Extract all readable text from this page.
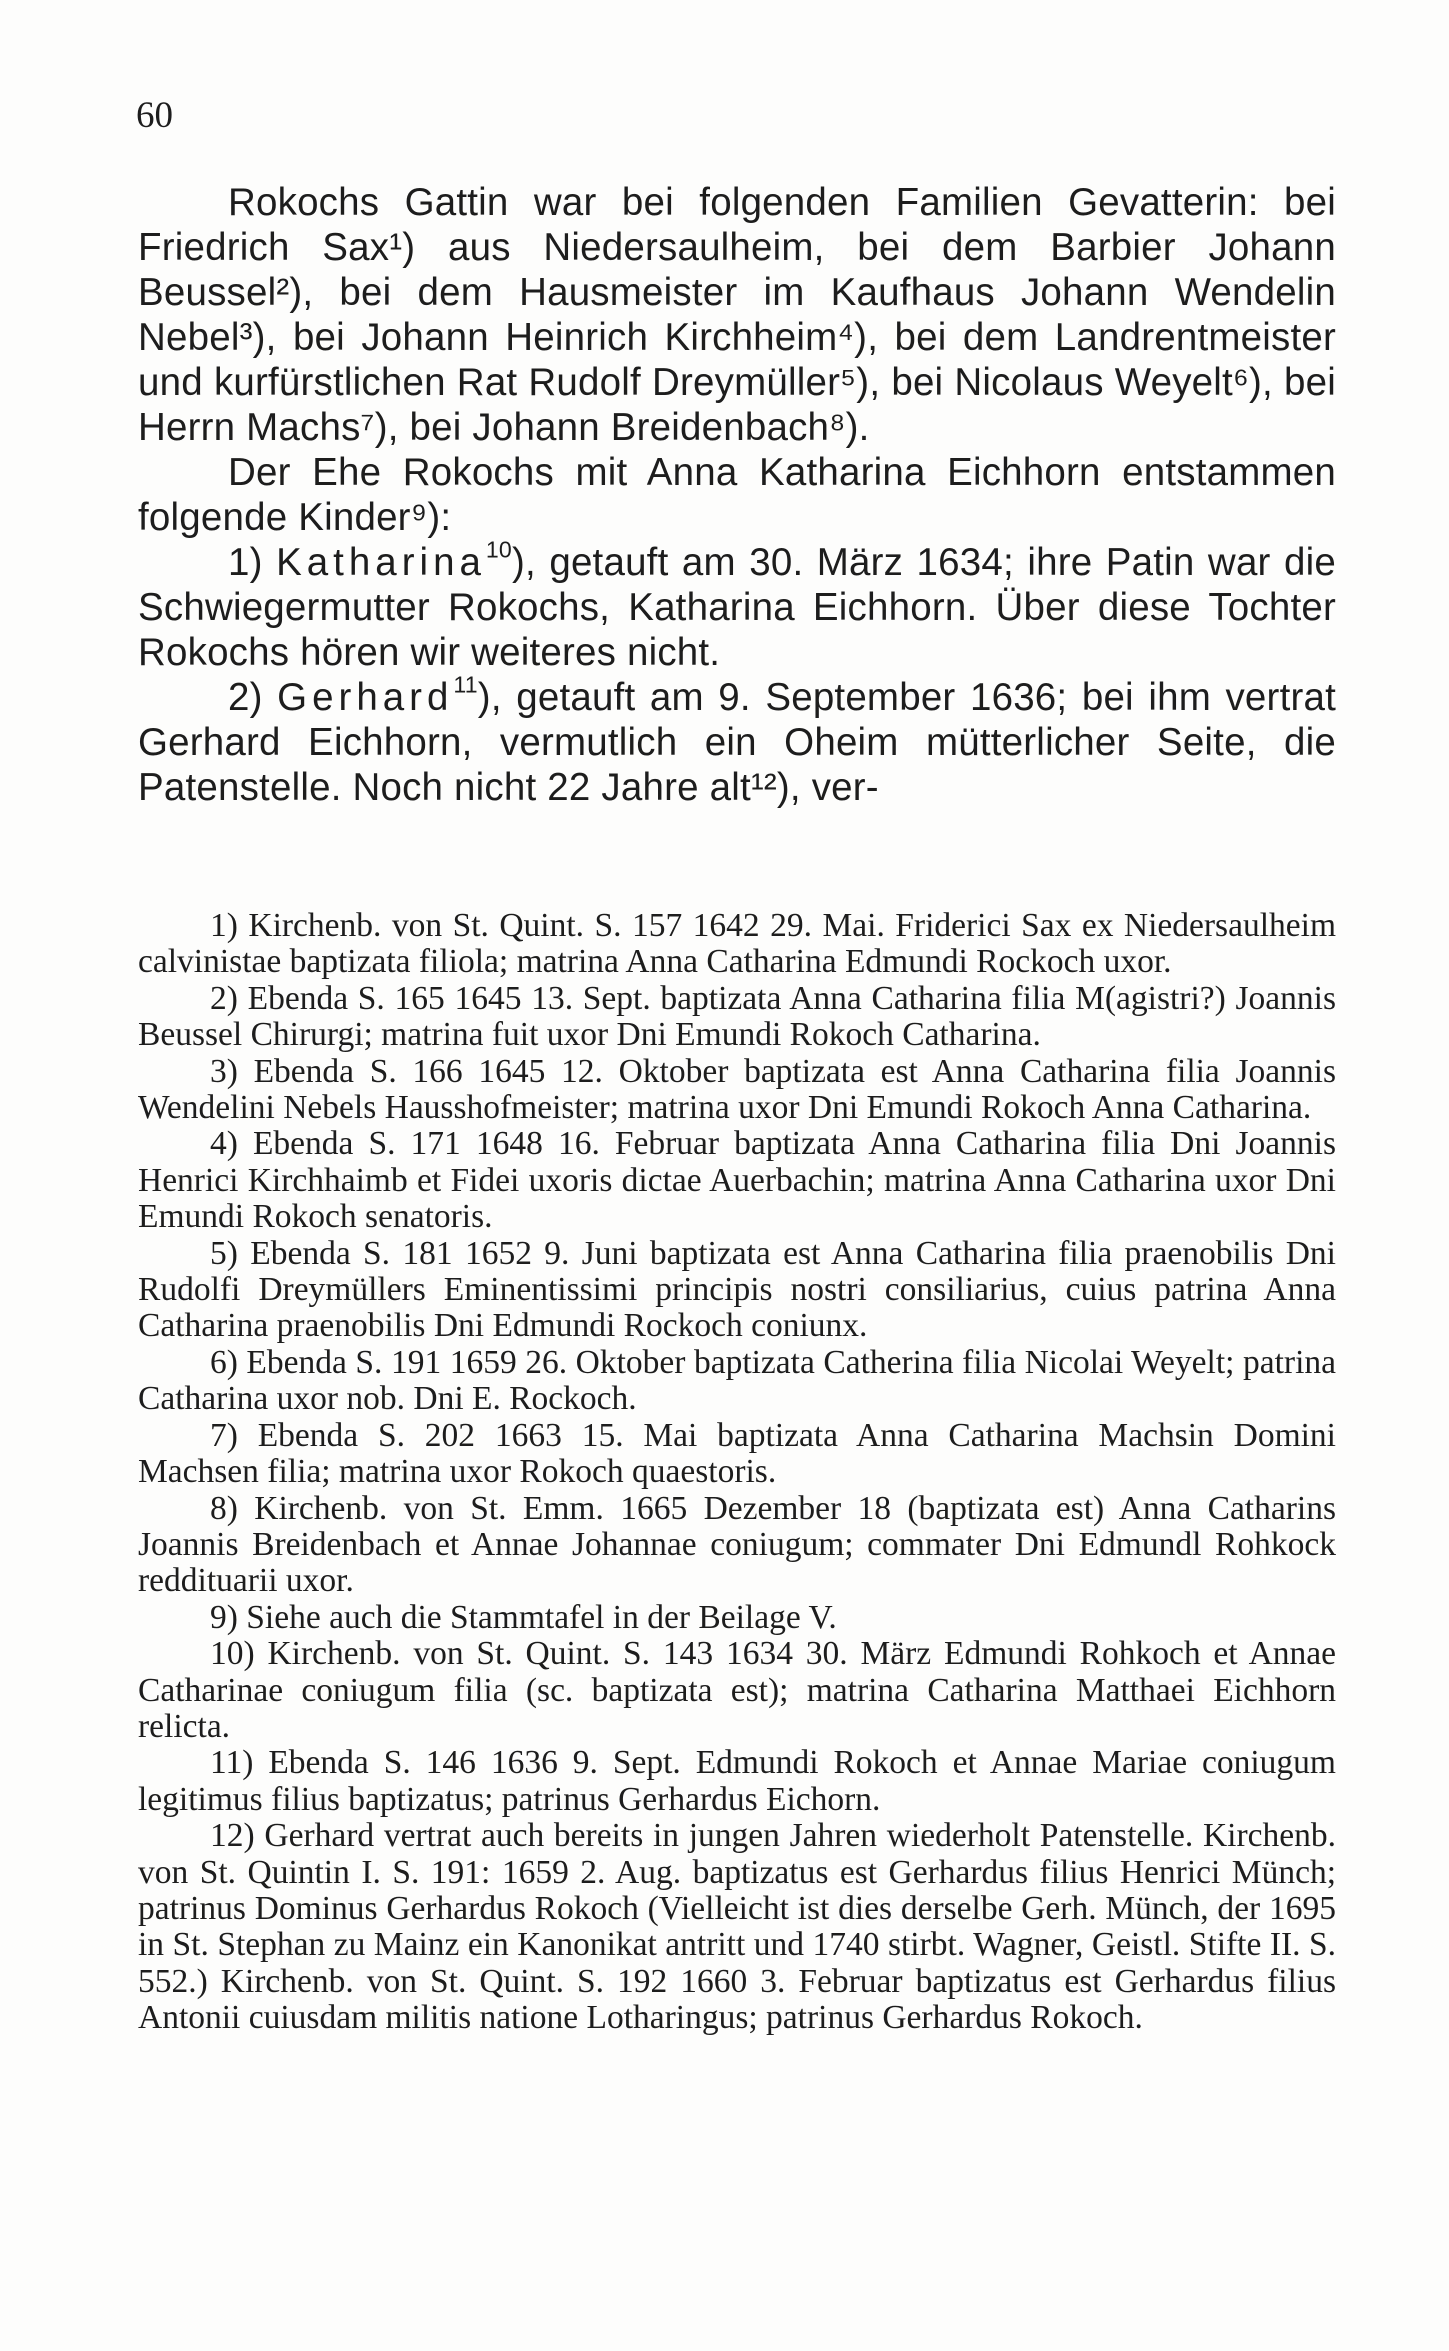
60

Rokochs Gattin war bei folgenden Familien Gevatterin: bei Friedrich Sax¹) aus Niedersaulheim, bei dem Barbier Johann Beussel²), bei dem Hausmeister im Kaufhaus Johann Wendelin Nebel³), bei Johann Heinrich Kirchheim⁴), bei dem Landrentmeister und kurfürstlichen Rat Rudolf Dreymüller⁵), bei Nicolaus Weyelt⁶), bei Herrn Machs⁷), bei Johann Breidenbach⁸).

Der Ehe Rokochs mit Anna Katharina Eichhorn entstammen folgende Kinder⁹):

1) Katharina$^{10}$), getauft am 30. März 1634; ihre Patin war die Schwiegermutter Rokochs, Katharina Eichhorn. Über diese Tochter Rokochs hören wir weiteres nicht.

2) Gerhard$^{11}$), getauft am 9. September 1636; bei ihm vertrat Gerhard Eichhorn, vermutlich ein Oheim mütterlicher Seite, die Patenstelle. Noch nicht 22 Jahre alt¹²), ver-

1) Kirchenb. von St. Quint. S. 157 1642 29. Mai. Friderici Sax ex Niedersaulheim calvinistae baptizata filiola; matrina Anna Catharina Edmundi Rockoch uxor.

2) Ebenda S. 165 1645 13. Sept. baptizata Anna Catharina filia M(agistri?) Joannis Beussel Chirurgi; matrina fuit uxor Dni Emundi Rokoch Catharina.

3) Ebenda S. 166 1645 12. Oktober baptizata est Anna Catharina filia Joannis Wendelini Nebels Hausshofmeister; matrina uxor Dni Emundi Rokoch Anna Catharina.

4) Ebenda S. 171 1648 16. Februar baptizata Anna Catharina filia Dni Joannis Henrici Kirchhaimb et Fidei uxoris dictae Auerbachin; matrina Anna Catharina uxor Dni Emundi Rokoch senatoris.

5) Ebenda S. 181 1652 9. Juni baptizata est Anna Catharina filia praenobilis Dni Rudolfi Dreymüllers Eminentissimi principis nostri consiliarius, cuius patrina Anna Catharina praenobilis Dni Edmundi Rockoch coniunx.

6) Ebenda S. 191 1659 26. Oktober baptizata Catherina filia Nicolai Weyelt; patrina Catharina uxor nob. Dni E. Rockoch.

7) Ebenda S. 202 1663 15. Mai baptizata Anna Catharina Machsin Domini Machsen filia; matrina uxor Rokoch quaestoris.

8) Kirchenb. von St. Emm. 1665 Dezember 18 (baptizata est) Anna Catharins Joannis Breidenbach et Annae Johannae coniugum; commater Dni Edmundl Rohkock reddituarii uxor.

9) Siehe auch die Stammtafel in der Beilage V.

10) Kirchenb. von St. Quint. S. 143 1634 30. März Edmundi Rohkoch et Annae Catharinae coniugum filia (sc. baptizata est); matrina Catharina Matthaei Eichhorn relicta.

11) Ebenda S. 146 1636 9. Sept. Edmundi Rokoch et Annae Mariae coniugum legitimus filius baptizatus; patrinus Gerhardus Eichorn.

12) Gerhard vertrat auch bereits in jungen Jahren wiederholt Patenstelle. Kirchenb. von St. Quintin I. S. 191: 1659 2. Aug. baptizatus est Gerhardus filius Henrici Münch; patrinus Dominus Gerhardus Rokoch (Vielleicht ist dies derselbe Gerh. Münch, der 1695 in St. Stephan zu Mainz ein Kanonikat antritt und 1740 stirbt. Wagner, Geistl. Stifte II. S. 552.) Kirchenb. von St. Quint. S. 192 1660 3. Februar baptizatus est Gerhardus filius Antonii cuiusdam militis natione Lotharingus; patrinus Gerhardus Rokoch.
